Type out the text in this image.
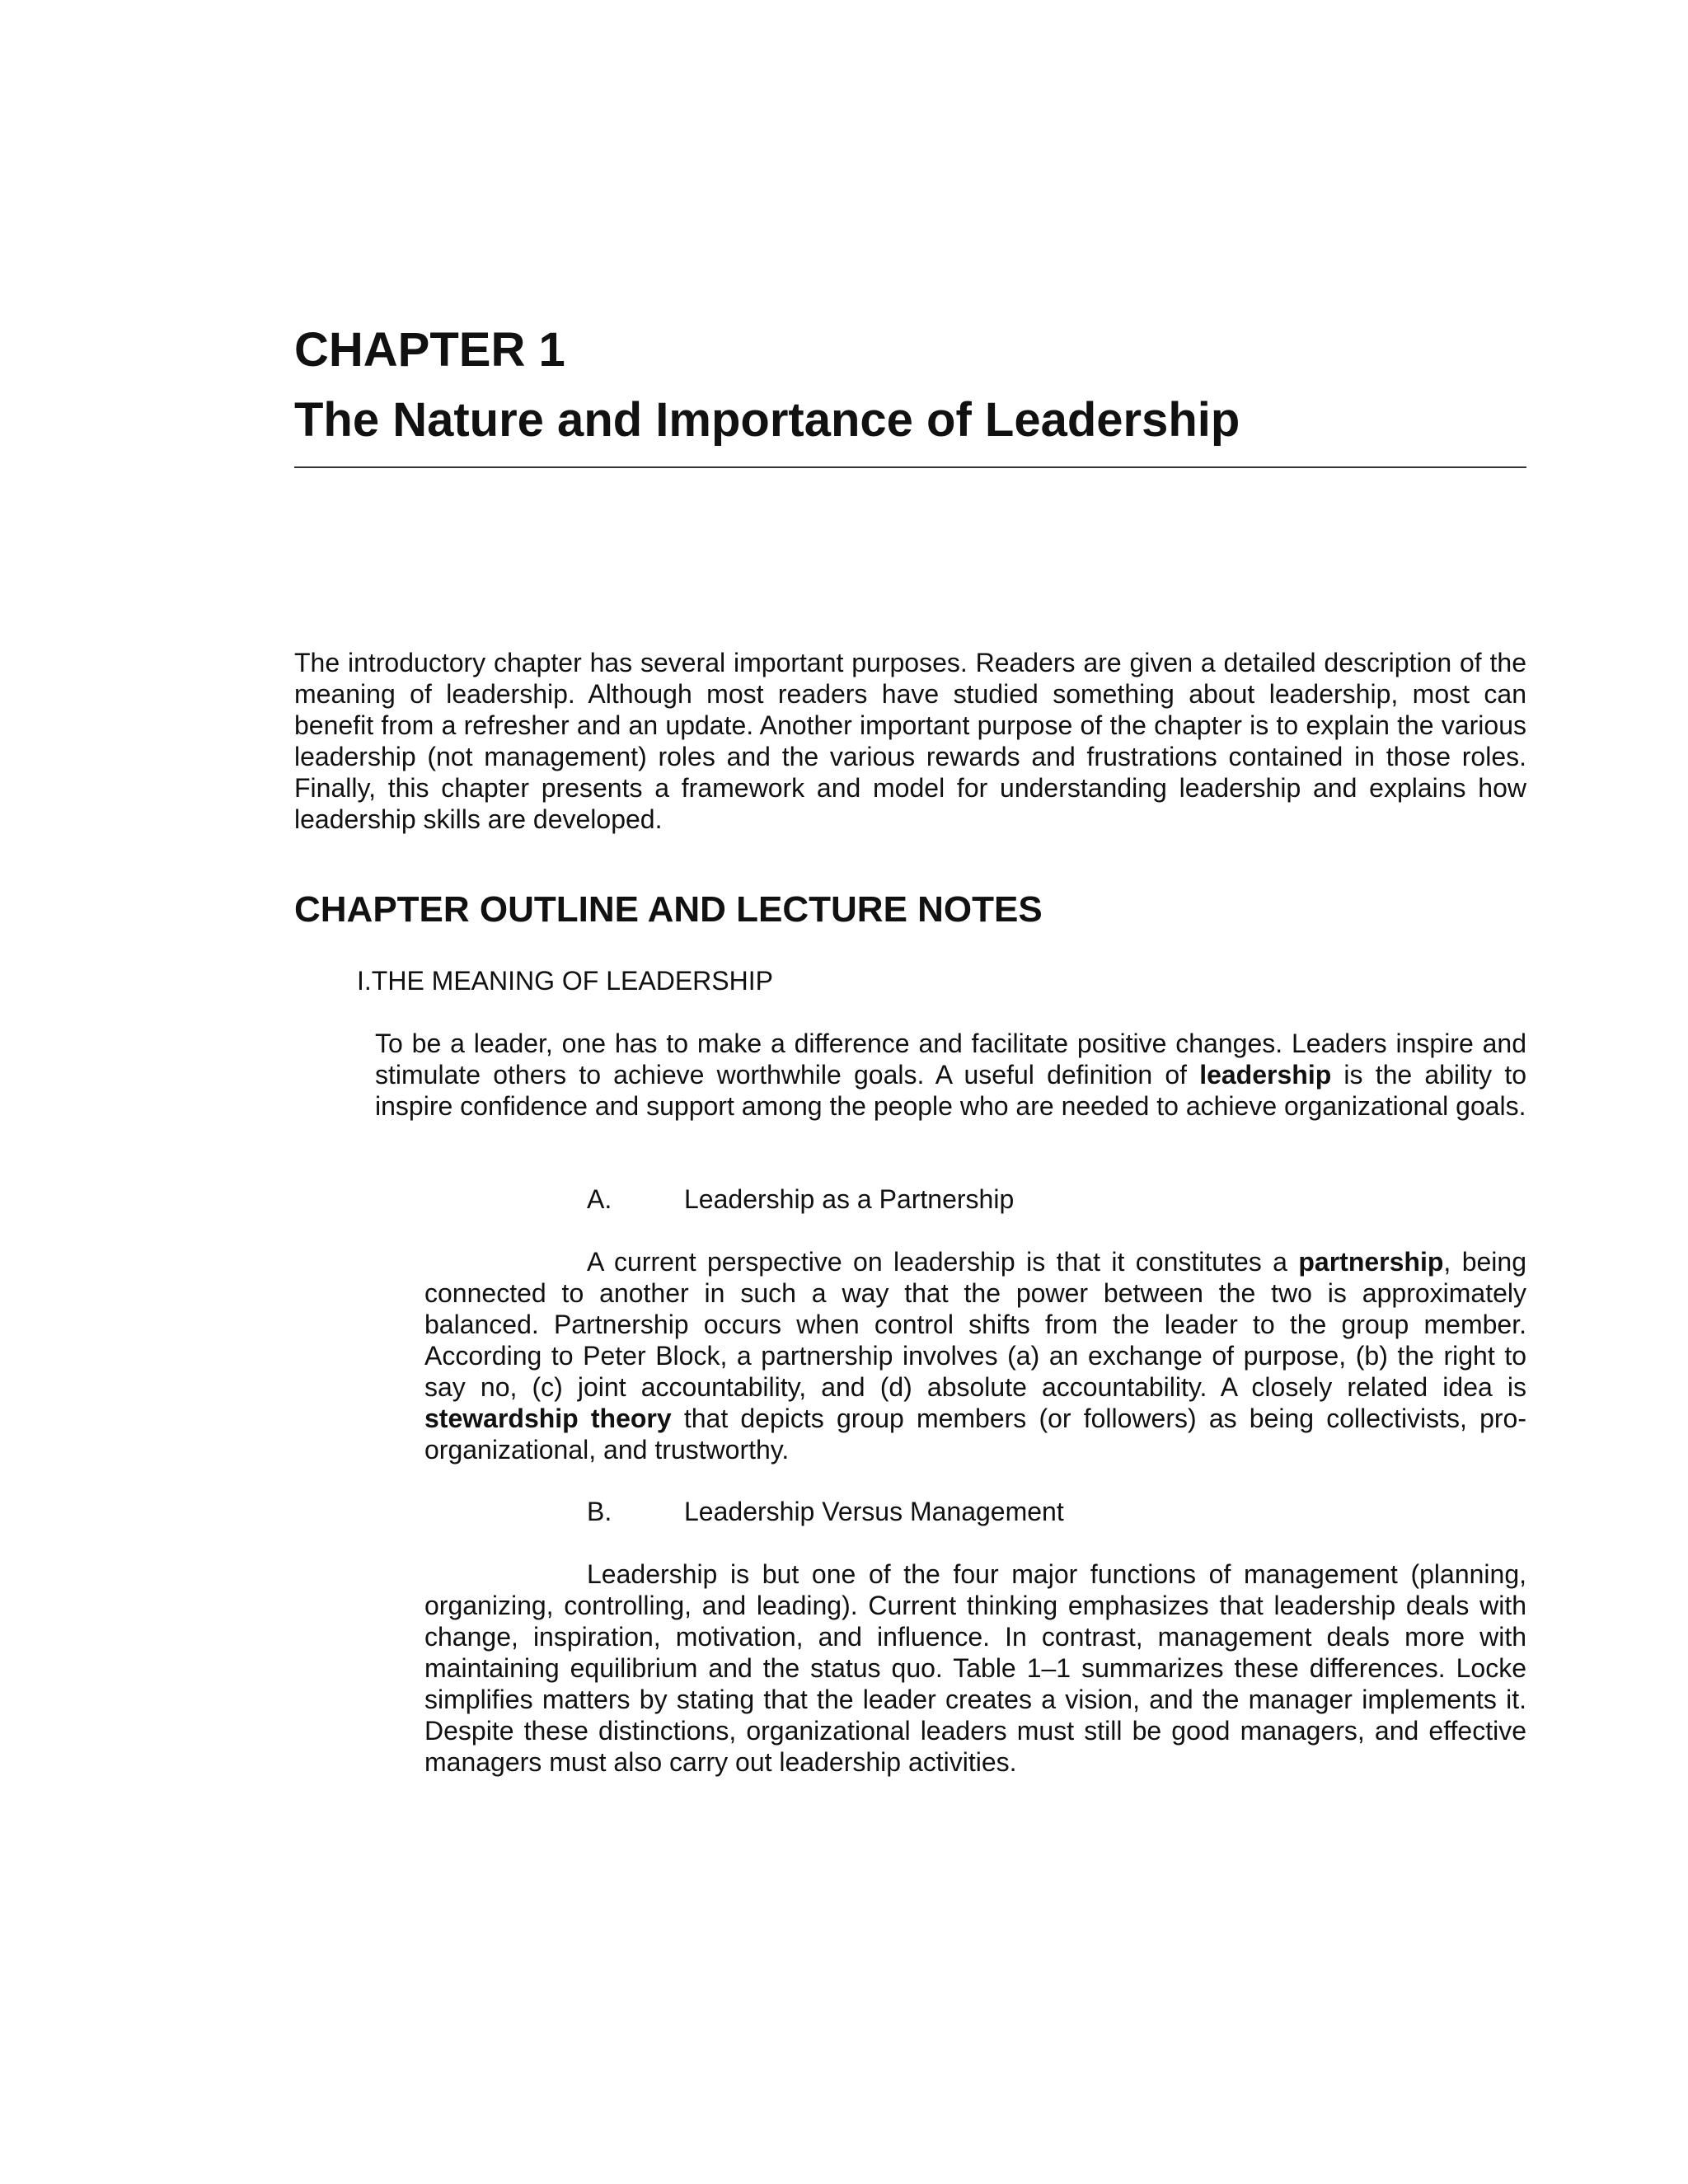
CHAPTER 1
The Nature and Importance of Leadership

The introductory chapter has several important purposes. Readers are given a detailed description of the meaning of leadership. Although most readers have studied something about leadership, most can benefit from a refresher and an update. Another important purpose of the chapter is to explain the various leadership (not management) roles and the various rewards and frustrations contained in those roles. Finally, this chapter presents a framework and model for understanding leadership and explains how leadership skills are developed.

CHAPTER OUTLINE AND LECTURE NOTES

I.THE MEANING OF LEADERSHIP

To be a leader, one has to make a difference and facilitate positive changes. Leaders inspire and stimulate others to achieve worthwhile goals. A useful definition of leadership is the ability to inspire confidence and support among the people who are needed to achieve organizational goals.

A.	Leadership as a Partnership

A current perspective on leadership is that it constitutes a partnership, being connected to another in such a way that the power between the two is approximately balanced. Partnership occurs when control shifts from the leader to the group member. According to Peter Block, a partnership involves (a) an exchange of purpose, (b) the right to say no, (c) joint accountability, and (d) absolute accountability. A closely related idea is stewardship theory that depicts group members (or followers) as being collectivists, pro-organizational, and trustworthy.

B.	Leadership Versus Management

Leadership is but one of the four major functions of management (planning, organizing, controlling, and leading). Current thinking emphasizes that leadership deals with change, inspiration, motivation, and influence. In contrast, management deals more with maintaining equilibrium and the status quo. Table 1–1 summarizes these differences. Locke simplifies matters by stating that the leader creates a vision, and the manager implements it. Despite these distinctions, organizational leaders must still be good managers, and effective managers must also carry out leadership activities.
